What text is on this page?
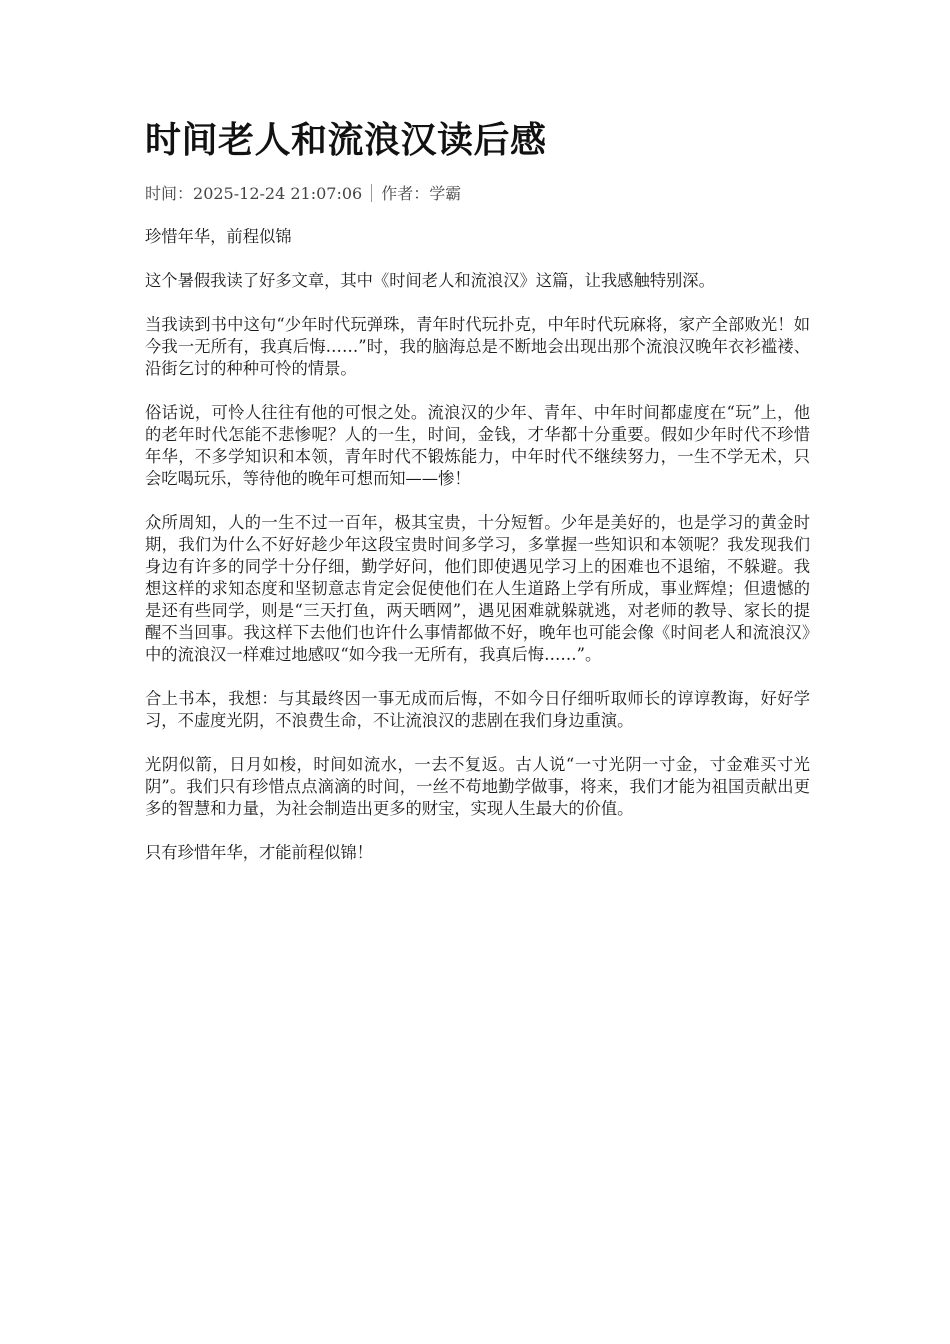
时间老人和流浪汉读后感
时间：2025-12-24 21:07:06 作者：学霸

珍惜年华，前程似锦

这个暑假我读了好多文章，其中《时间老人和流浪汉》这篇，让我感触特别深。

当我读到书中这句“少年时代玩弹珠，青年时代玩扑克，中年时代玩麻将，家产全部败光！如今我一无所有，我真后悔……”时，我的脑海总是不断地会出现出那个流浪汉晚年衣衫褴褛、沿街乞讨的种种可怜的情景。

俗话说，可怜人往往有他的可恨之处。流浪汉的少年、青年、中年时间都虚度在“玩”上，他的老年时代怎能不悲惨呢？人的一生，时间，金钱，才华都十分重要。假如少年时代不珍惜年华，不多学知识和本领，青年时代不锻炼能力，中年时代不继续努力，一生不学无术，只会吃喝玩乐，等待他的晚年可想而知——惨！

众所周知，人的一生不过一百年，极其宝贵，十分短暂。少年是美好的，也是学习的黄金时期，我们为什么不好好趁少年这段宝贵时间多学习，多掌握一些知识和本领呢？我发现我们身边有许多的同学十分仔细，勤学好问，他们即使遇见学习上的困难也不退缩，不躲避。我想这样的求知态度和坚韧意志肯定会促使他们在人生道路上学有所成，事业辉煌；但遗憾的是还有些同学，则是“三天打鱼，两天晒网”，遇见困难就躲就逃，对老师的教导、家长的提醒不当回事。我这样下去他们也许什么事情都做不好，晚年也可能会像《时间老人和流浪汉》中的流浪汉一样难过地感叹“如今我一无所有，我真后悔……”。

合上书本，我想：与其最终因一事无成而后悔，不如今日仔细听取师长的谆谆教诲，好好学习，不虚度光阴，不浪费生命，不让流浪汉的悲剧在我们身边重演。

光阴似箭，日月如梭，时间如流水，一去不复返。古人说“一寸光阴一寸金，寸金难买寸光阴”。我们只有珍惜点点滴滴的时间，一丝不苟地勤学做事，将来，我们才能为祖国贡献出更多的智慧和力量，为社会制造出更多的财宝，实现人生最大的价值。

只有珍惜年华，才能前程似锦！
